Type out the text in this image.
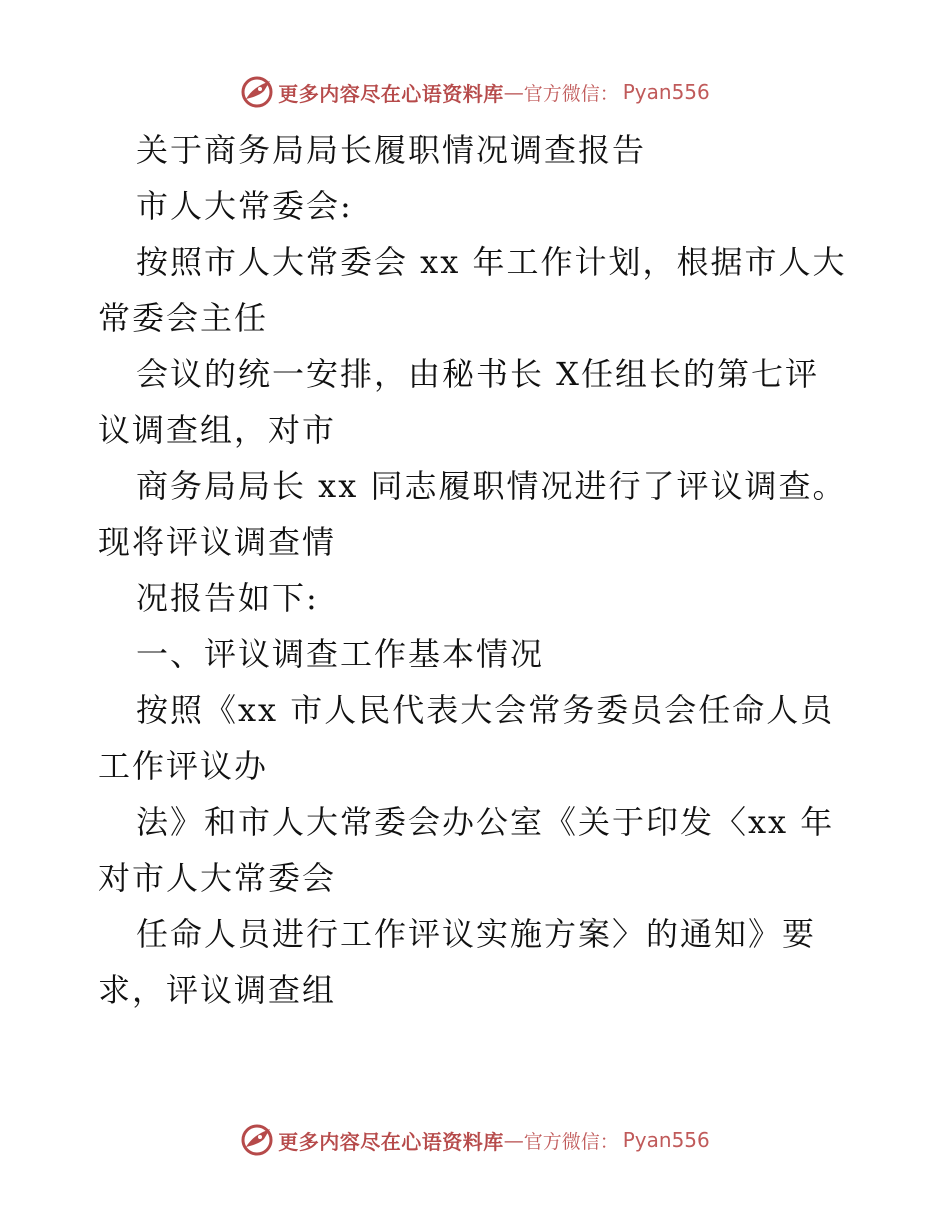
更多内容尽在心语资料库 — 官方微信： Pyan556
关于商务局局长履职情况调查报告
市人大常委会:
按照市人大常委会 xx 年工作计划，根据市人大
常委会主任
会议的统一安排，由秘书长 X任组长的第七评
议调查组，对市
商务局局长 xx 同志履职情况进行了评议调查。
现将评议调查情
况报告如下:
一、评议调查工作基本情况
按照《xx 市人民代表大会常务委员会任命人员
工作评议办
法》和市人大常委会办公室《关于印发〈xx 年
对市人大常委会
任命人员进行工作评议实施方案〉的通知》要
求，评议调查组
更多内容尽在心语资料库 — 官方微信： Pyan556
